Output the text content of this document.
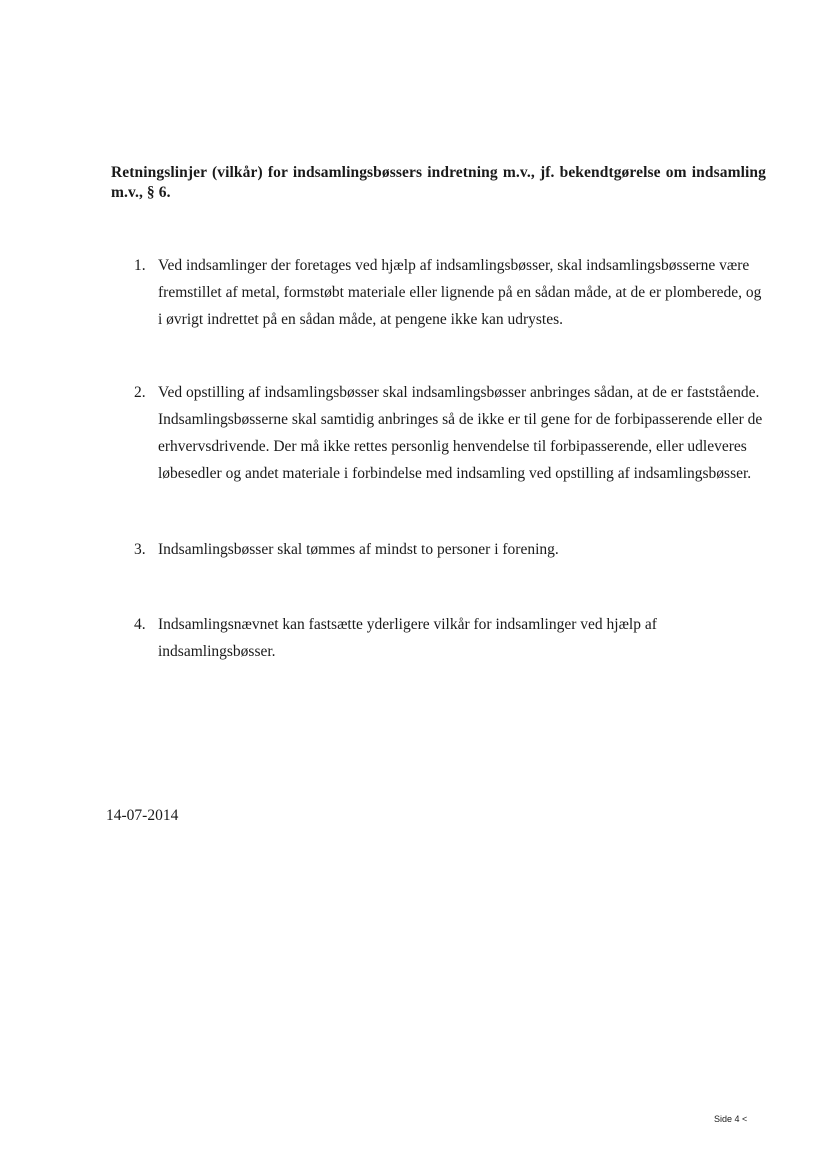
Retningslinjer (vilkår) for indsamlingsbøssers indretning m.v., jf. bekendtgørelse om indsamling m.v., § 6.

1. Ved indsamlinger der foretages ved hjælp af indsamlingsbøsser, skal indsamlingsbøsserne være fremstillet af metal, formstøbt materiale eller lignende på en sådan måde, at de er plomberede, og i øvrigt indrettet på en sådan måde, at pengene ikke kan udrystes.
2. Ved opstilling af indsamlingsbøsser skal indsamlingsbøsser anbringes sådan, at de er faststående. Indsamlingsbøsserne skal samtidig anbringes så de ikke er til gene for de forbipasserende eller de erhvervsdrivende. Der må ikke rettes personlig henvendelse til forbipasserende, eller udleveres løbesedler og andet materiale i forbindelse med indsamling ved opstilling af indsamlingsbøsser.
3. Indsamlingsbøsser skal tømmes af mindst to personer i forening.
4. Indsamlingsnævnet kan fastsætte yderligere vilkår for indsamlinger ved hjælp af indsamlingsbøsser.

14-07-2014

Side 4 <
